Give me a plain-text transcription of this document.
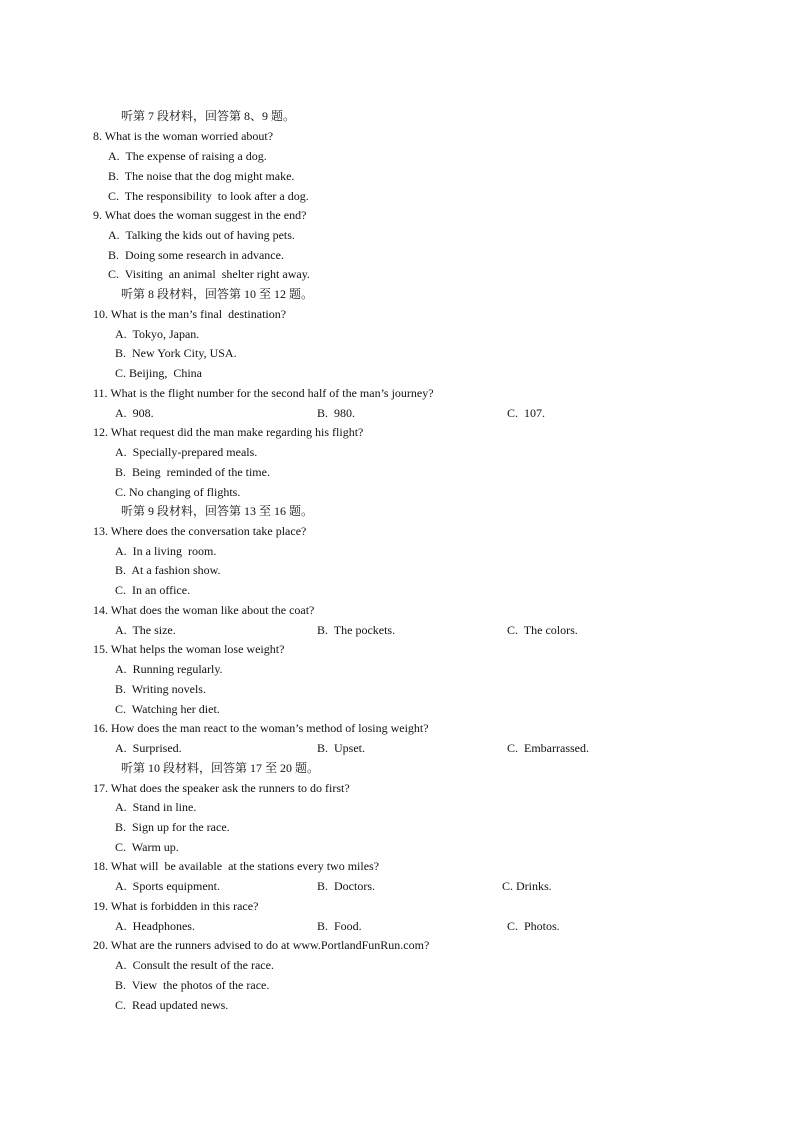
听第 7 段材料，回答第 8、9 题。
8. What is the woman worried about?
A.  The expense of raising a dog.
B.  The noise that the dog might make.
C.  The responsibility  to look after a dog.
9. What does the woman suggest in the end?
A.  Talking the kids out of having pets.
B.  Doing some research in advance.
C.  Visiting  an animal  shelter right away.
听第 8 段材料，回答第 10 至 12 题。
10. What is the man’s final  destination?
A.  Tokyo, Japan.
B.  New York City, USA.
C. Beijing,  China
11. What is the flight number for the second half of the man’s journey?
A.  908.	B.  980.	C.  107.
12. What request did the man make regarding his flight?
A.  Specially-prepared meals.
B.  Being  reminded of the time.
C. No changing of flights.
听第 9 段材料，回答第 13 至 16 题。
13. Where does the conversation take place?
A.  In a living  room.
B.  At a fashion show.
C.  In an office.
14. What does the woman like about the coat?
A.  The size.	B.  The pockets.	C.  The colors.
15. What helps the woman lose weight?
A.  Running regularly.
B.  Writing novels.
C.  Watching her diet.
16. How does the man react to the woman’s method of losing weight?
A.  Surprised.	B.  Upset.	C.  Embarrassed.
听第 10 段材料，回答第 17 至 20 题。
17. What does the speaker ask the runners to do first?
A.  Stand in line.
B.  Sign up for the race.
C.  Warm up.
18. What will  be available  at the stations every two miles?
A.  Sports equipment.	B.  Doctors.	C. Drinks.
19. What is forbidden in this race?
A.  Headphones.	B.  Food.	C.  Photos.
20. What are the runners advised to do at www.PortlandFunRun.com?
A.  Consult the result of the race.
B.  View  the photos of the race.
C.  Read updated news.
